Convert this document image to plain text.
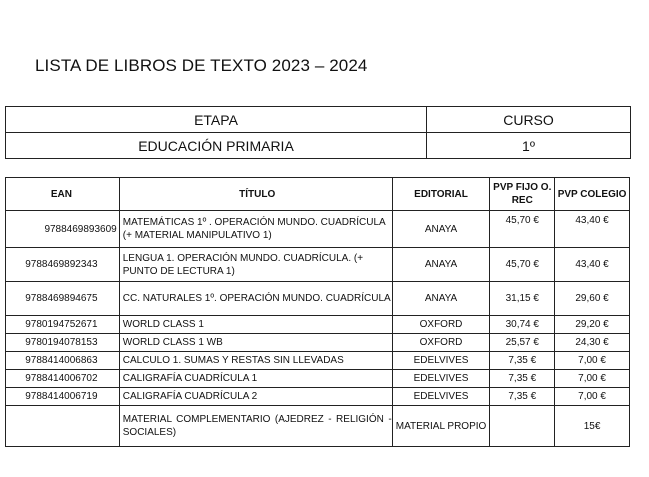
LISTA DE LIBROS DE TEXTO 2023 – 2024
ETAPA	CURSO
EDUCACIÓN PRIMARIA	1º
EAN	TÍTULO	EDITORIAL	PVP FIJO O. REC	PVP COLEGIO
9788469893609	MATEMÁTICAS 1º . OPERACIÓN MUNDO. CUADRÍCULA (+ MATERIAL MANIPULATIVO 1)	ANAYA	45,70 €	43,40 €
9788469892343	LENGUA 1. OPERACIÓN MUNDO. CUADRÍCULA. (+ PUNTO DE LECTURA 1)	ANAYA	45,70 €	43,40 €
9788469894675	CC. NATURALES 1º. OPERACIÓN MUNDO. CUADRÍCULA	ANAYA	31,15 €	29,60 €
9780194752671	WORLD CLASS 1	OXFORD	30,74 €	29,20 €
9780194078153	WORLD CLASS 1 WB	OXFORD	25,57 €	24,30 €
9788414006863	CALCULO 1. SUMAS Y RESTAS SIN LLEVADAS	EDELVIVES	7,35 €	7,00 €
9788414006702	CALIGRAFÍA CUADRÍCULA 1	EDELVIVES	7,35 €	7,00 €
9788414006719	CALIGRAFÍA CUADRÍCULA 2	EDELVIVES	7,35 €	7,00 €
	MATERIAL COMPLEMENTARIO (AJEDREZ - RELIGIÓN - SOCIALES)	MATERIAL PROPIO		15€
